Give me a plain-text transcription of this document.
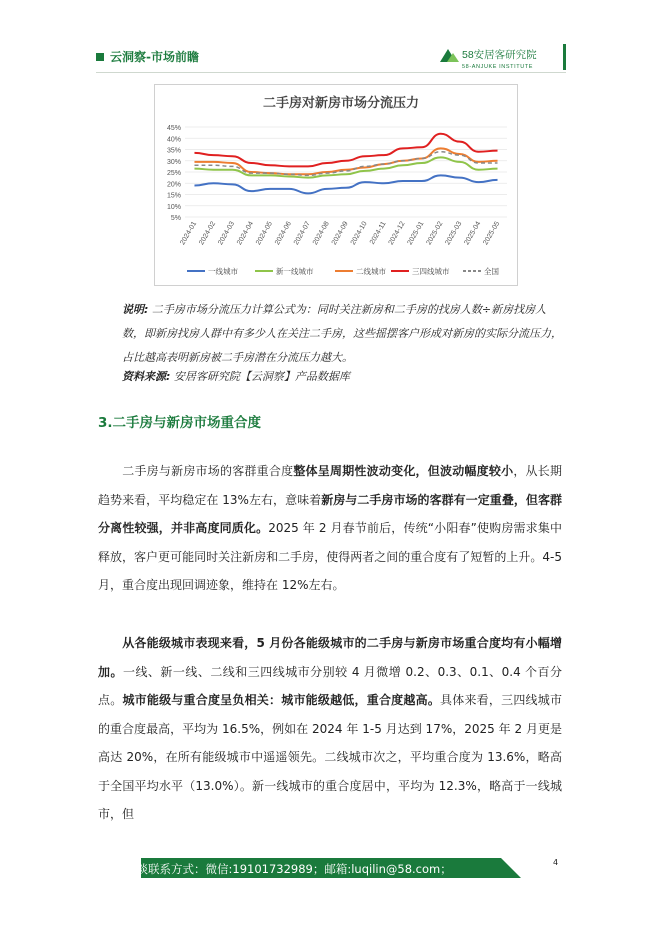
云洞察-市场前瞻	58安居客研究院
58-ANJUKE INSTITUTE
二手房对新房市场分流压力
45%
40%
35%
30%
25%
20%
15%
10%
5%
2024-01 2024-02 2024-03 2024-04 2024-05 2024-06 2024-07 2024-08 2024-09 2024-10 2024-11 2024-12 2025-01 2025-02 2025-03 2025-04 2025-05
一线城市	新一线城市	二线城市	三四线城市	全国
说明: 二手房市场分流压力计算公式为：同时关注新房和二手房的找房人数÷新房找房人数，即新房找房人群中有多少人在关注二手房，这些摇摆客户形成对新房的实际分流压力，占比越高表明新房被二手房潜在分流压力越大。
资料来源: 安居客研究院【云洞察】产品数据库
3.二手房与新房市场重合度
二手房与新房市场的客群重合度整体呈周期性波动变化，但波动幅度较小，从长期趋势来看，平均稳定在 13%左右，意味着新房与二手房市场的客群有一定重叠，但客群分离性较强，并非高度同质化。2025 年 2 月春节前后，传统“小阳春”使购房需求集中释放，客户更可能同时关注新房和二手房，使得两者之间的重合度有了短暂的上升。4-5 月，重合度出现回调迹象，维持在 12%左右。
从各能级城市表现来看，5 月份各能级城市的二手房与新房市场重合度均有小幅增加。一线、新一线、二线和三四线城市分别较 4 月微增 0.2、0.3、0.1、0.4 个百分点。城市能级与重合度呈负相关：城市能级越低，重合度越高。具体来看，三四线城市的重合度最高，平均为 16.5%，例如在 2024 年 1-5 月达到 17%，2025 年 2 月更是高达 20%，在所有能级城市中遥遥领先。二线城市次之，平均重合度为 13.6%，略高于全国平均水平（13.0%）。新一线城市的重合度居中，平均为 12.3%，略高于一线城市，但
合作洽谈联系方式：微信:19101732989；邮箱:luqilin@58.com；	4
